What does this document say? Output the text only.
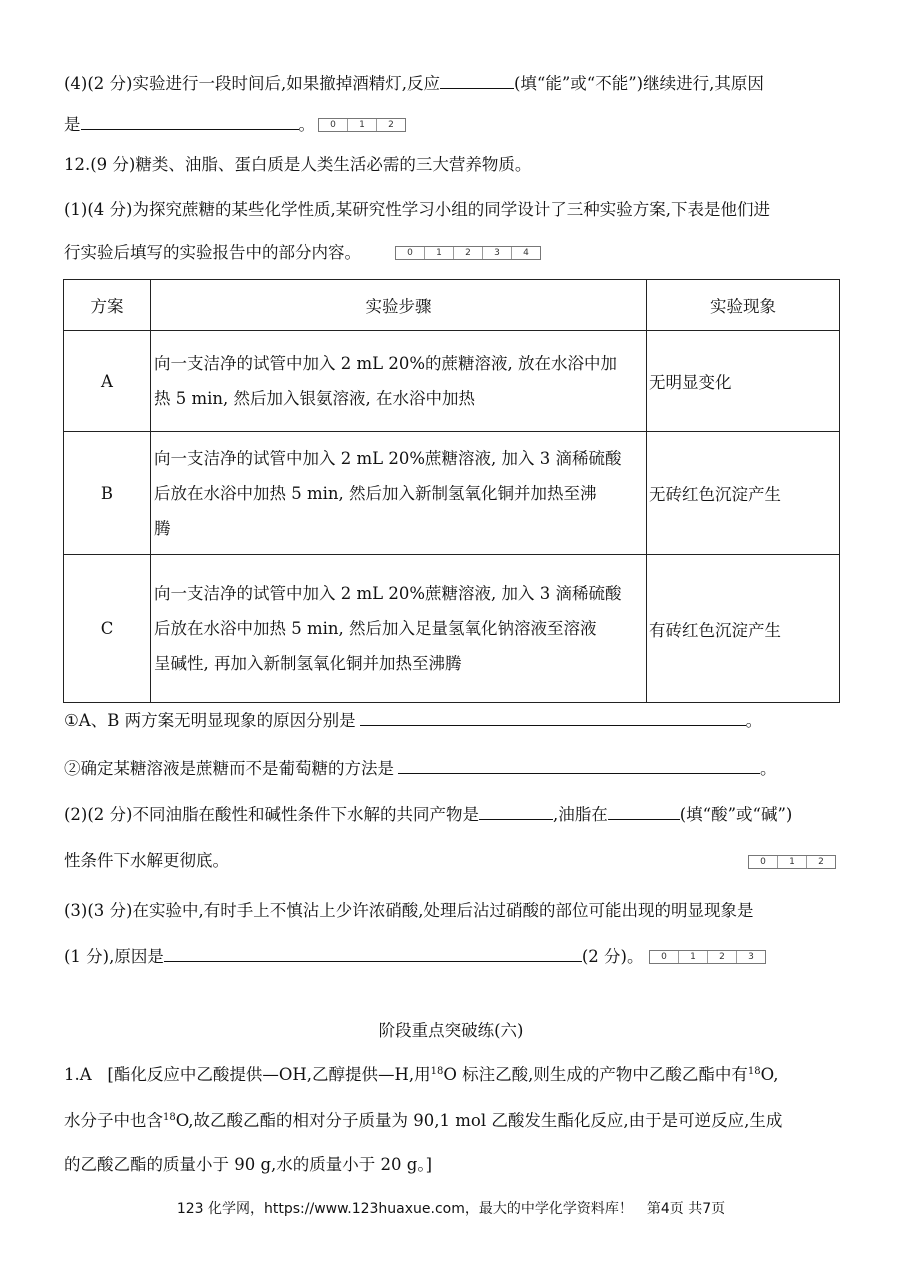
(4)(2 分)实验进行一段时间后,如果撤掉酒精灯,反应	(填“能”或“不能”)继续进行,其原因
是	。	0	1	2
12.(9 分)糖类、油脂、蛋白质是人类生活必需的三大营养物质。
(1)(4 分)为探究蔗糖的某些化学性质,某研究性学习小组的同学设计了三种实验方案,下表是他们进
行实验后填写的实验报告中的部分内容。	0	1	2	3	4
方案	实验步骤	实验现象
A	向一支洁净的试管中加入 2 mL 20%的蔗糖溶液, 放在水浴中加
热 5 min, 然后加入银氨溶液, 在水浴中加热	无明显变化
B	向一支洁净的试管中加入 2 mL 20%蔗糖溶液, 加入 3 滴稀硫酸
后放在水浴中加热 5 min, 然后加入新制氢氧化铜并加热至沸
腾	无砖红色沉淀产生
C	向一支洁净的试管中加入 2 mL 20%蔗糖溶液, 加入 3 滴稀硫酸
后放在水浴中加热 5 min, 然后加入足量氢氧化钠溶液至溶液
呈碱性, 再加入新制氢氧化铜并加热至沸腾	有砖红色沉淀产生
①A、B 两方案无明显现象的原因分别是	。
②确定某糖溶液是蔗糖而不是葡萄糖的方法是	。
(2)(2 分)不同油脂在酸性和碱性条件下水解的共同产物是	,油脂在	(填“酸”或“碱”)
性条件下水解更彻底。	0	1	2
(3)(3 分)在实验中,有时手上不慎沾上少许浓硝酸,处理后沾过硝酸的部位可能出现的明显现象是
(1 分),原因是	(2 分)。	0	1	2	3
阶段重点突破练(六)
1.A [酯化反应中乙酸提供—OH,乙醇提供—H,用$^{18}$O 标注乙酸,则生成的产物中乙酸乙酯中有$^{18}$O,
水分子中也含$^{18}$O,故乙酸乙酯的相对分子质量为 90,1 mol 乙酸发生酯化反应,由于是可逆反应,生成
的乙酸乙酯的质量小于 90 g,水的质量小于 20 g。]
123 化学网，https://www.123huaxue.com，最大的中学化学资料库！　第4页 共7页
